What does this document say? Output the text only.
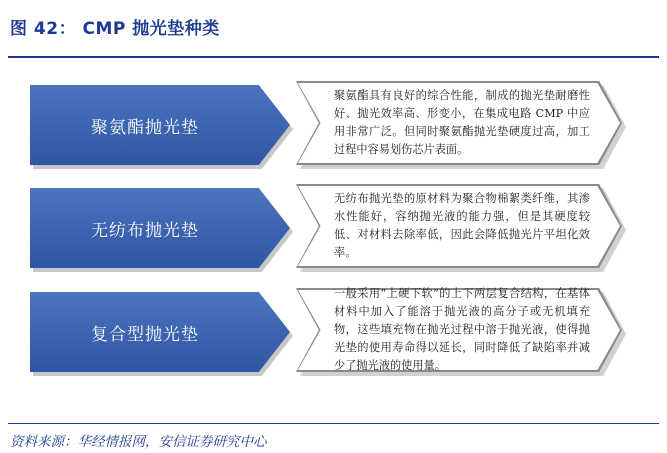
图 42： CMP 抛光垫种类
聚氨酯抛光垫
聚氨酯具有良好的综合性能，制成的抛光垫耐磨性好、抛光效率高、形变小，在集成电路 CMP 中应用非常广泛。但同时聚氨酯抛光垫硬度过高，加工过程中容易划伤芯片表面。
无纺布抛光垫
无纺布抛光垫的原材料为聚合物棉絮类纤维，其渗水性能好，容纳抛光液的能力强，但是其硬度较低、对材料去除率低，因此会降低抛光片平坦化效率。
复合型抛光垫
一般采用“上硬下软”的上下两层复合结构，在基体材料中加入了能溶于抛光液的高分子或无机填充物，这些填充物在抛光过程中溶于抛光液，使得抛光垫的使用寿命得以延长，同时降低了缺陷率并减少了抛光液的使用量。
资料来源：华经情报网，安信证券研究中心
